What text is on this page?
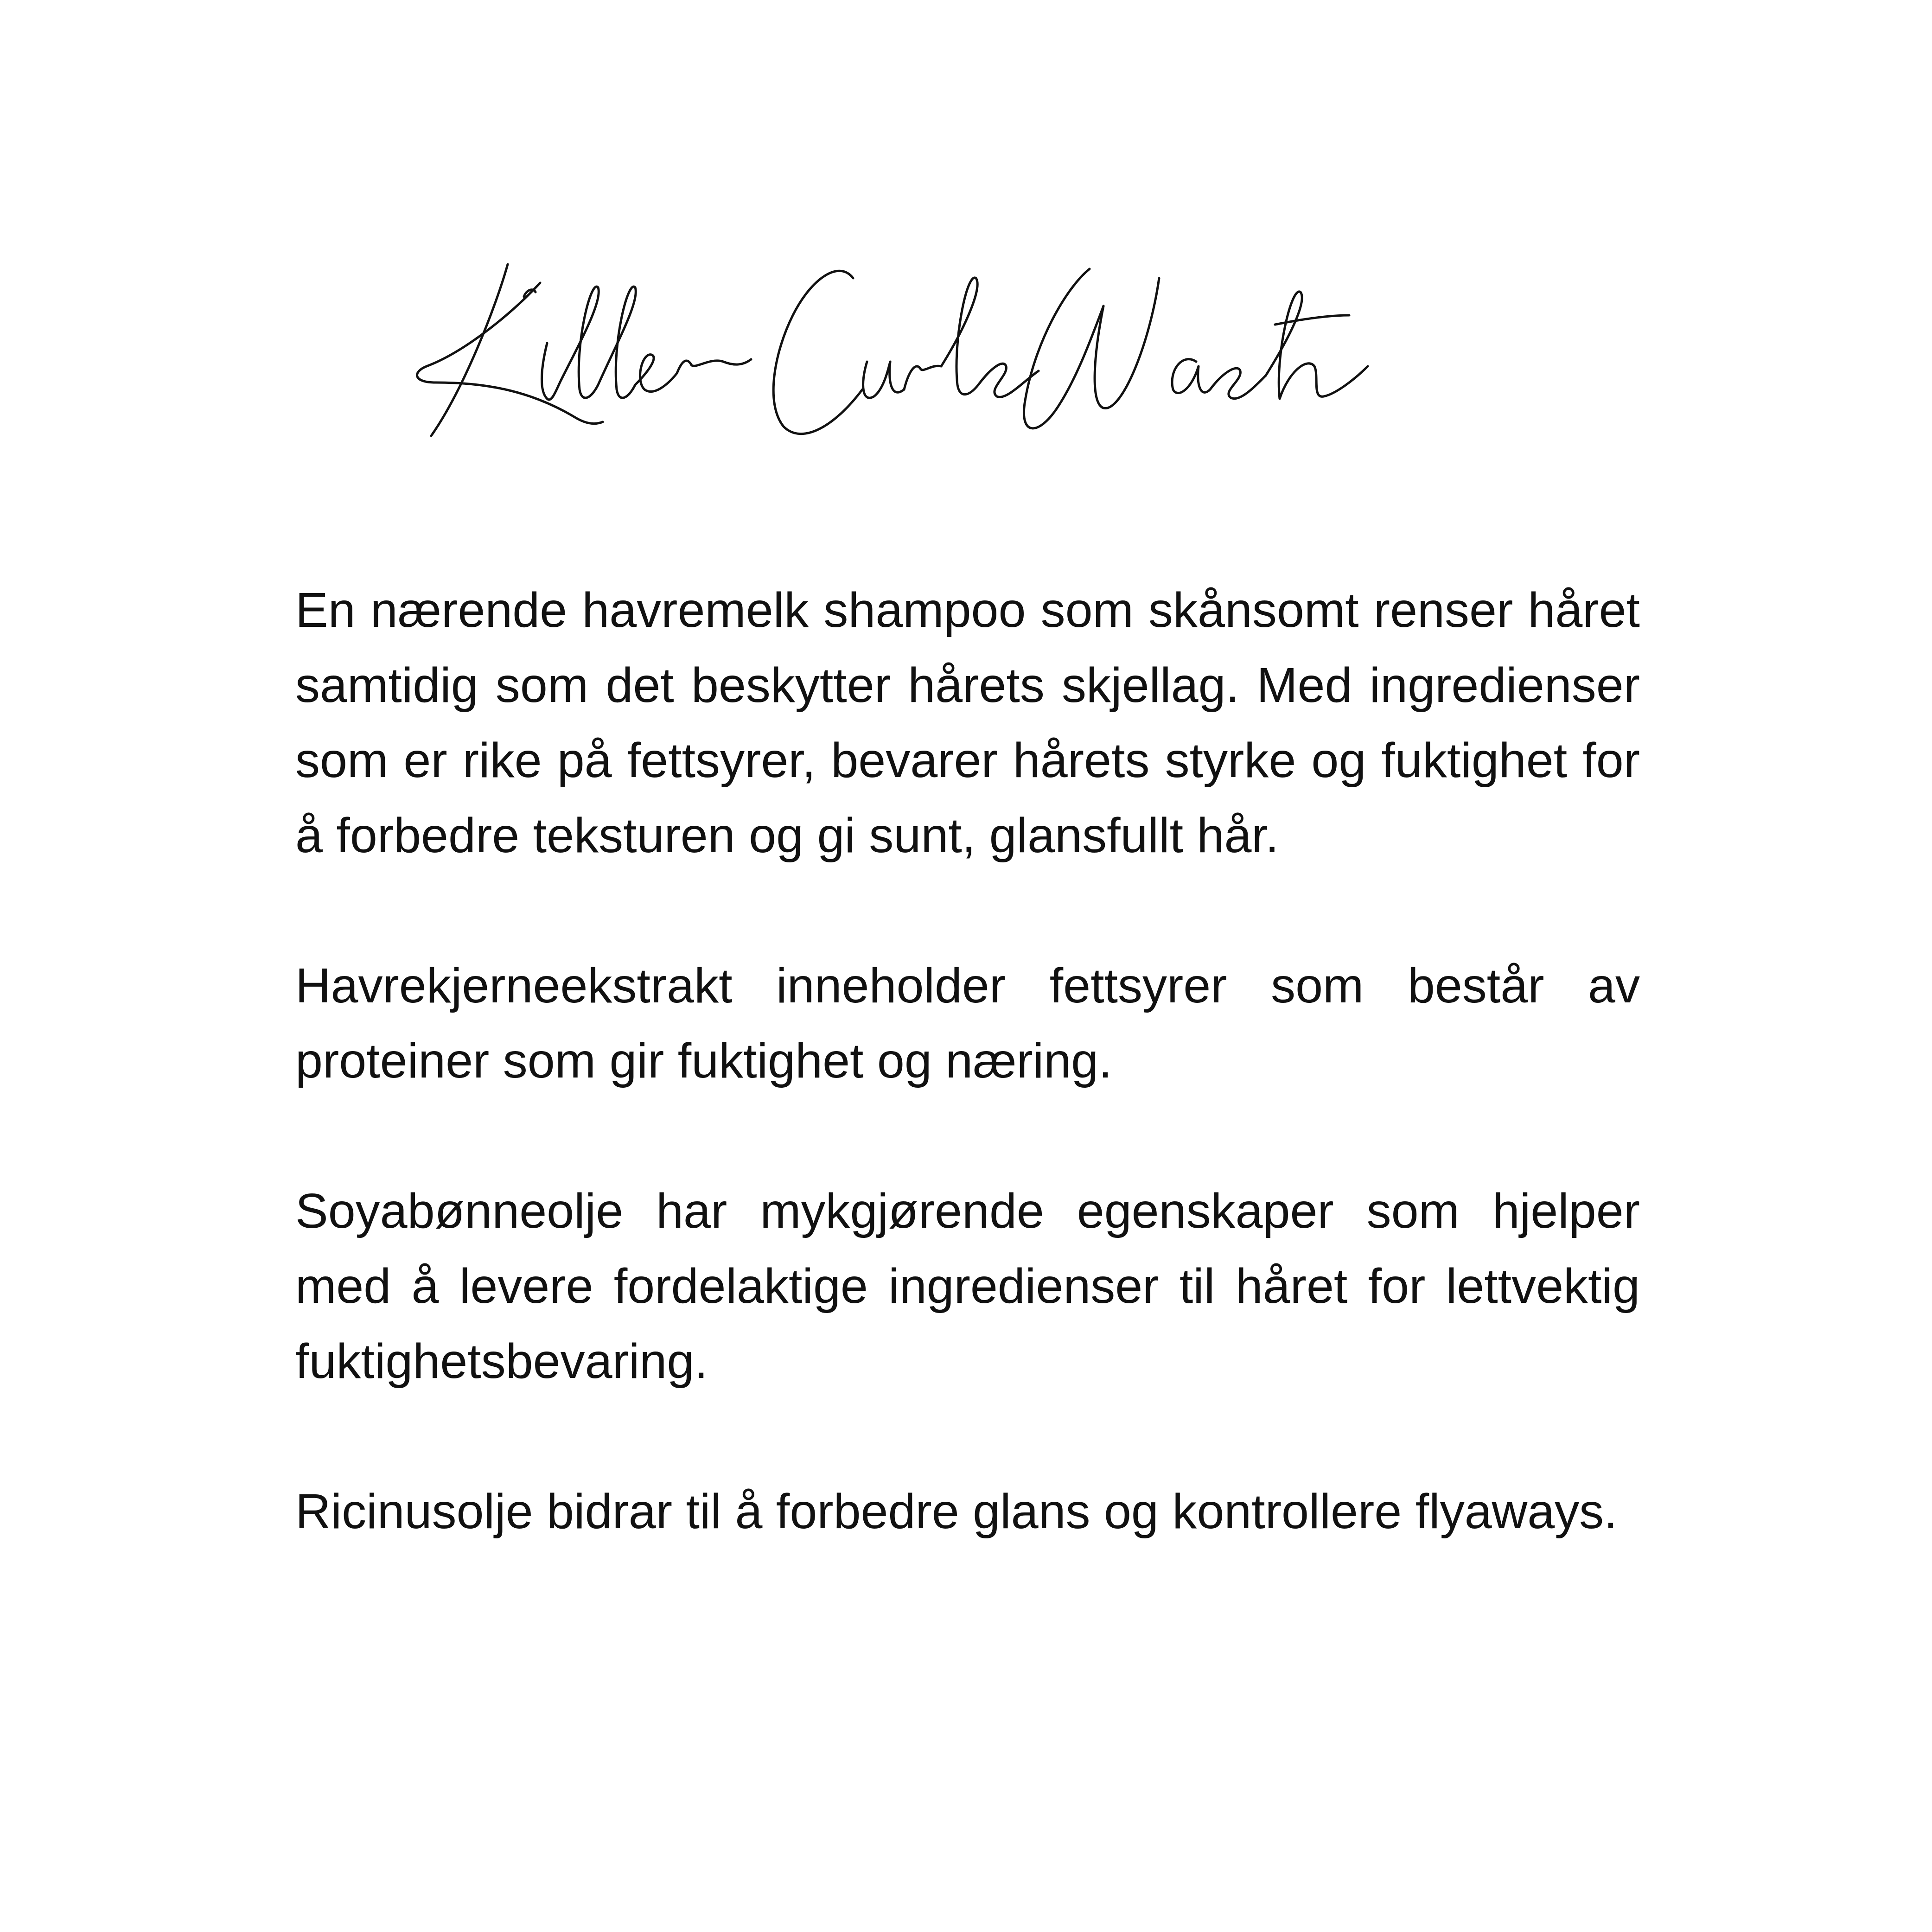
En nærende havremelk shampoo som skånsomt renser håret samtidig som det beskytter hårets skjellag. Med ingredienser som er rike på fettsyrer, bevarer hårets styrke og fuktighet for å forbedre teksturen og gi sunt, glansfullt hår.

Havrekjerneekstrakt inneholder fettsyrer som består av proteiner som gir fuktighet og næring.

Soyabønneolje har mykgjørende egenskaper som hjelper med å levere fordelaktige ingredienser til håret for lettvektig fuktighetsbevaring.

Ricinusolje bidrar til å forbedre glans og kontrollere flyaways.
